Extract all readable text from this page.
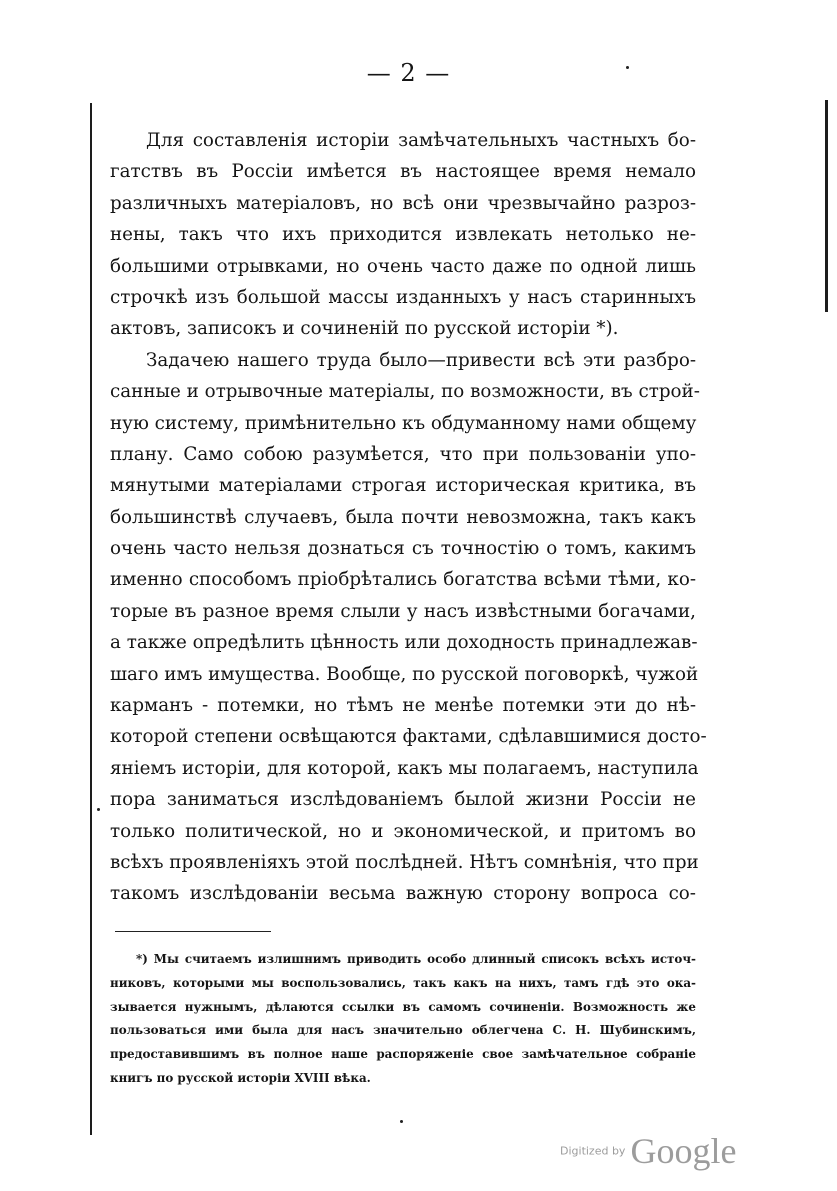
— 2 —
Для составленія исторіи замѣчательныхъ частныхъ бо-
гатствъ въ Россіи имѣется въ настоящее время немало
различныхъ матеріаловъ, но всѣ они чрезвычайно разроз-
нены, такъ что ихъ приходится извлекать нетолько не-
большими отрывками, но очень часто даже по одной лишь
строчкѣ изъ большой массы изданныхъ у насъ старинныхъ
актовъ, записокъ и сочиненій по русской исторіи *).
Задачею нашего труда было—привести всѣ эти разбро-
санные и отрывочные матеріалы, по возможности, въ строй-
ную систему, примѣнительно къ обдуманному нами общему
плану. Само собою разумѣется, что при пользованіи упо-
мянутыми матеріалами строгая историческая критика, въ
большинствѣ случаевъ, была почти невозможна, такъ какъ
очень часто нельзя дознаться съ точностію о томъ, какимъ
именно способомъ пріобрѣтались богатства всѣми тѣми, ко-
торые въ разное время слыли у насъ извѣстными богачами,
а также опредѣлить цѣнность или доходность принадлежав-
шаго имъ имущества. Вообще, по русской поговоркѣ, чужой
карманъ - потемки, но тѣмъ не менѣе потемки эти до нѣ-
которой степени освѣщаются фактами, сдѣлавшимися досто-
яніемъ исторіи, для которой, какъ мы полагаемъ, наступила
пора заниматься изслѣдованіемъ былой жизни Россіи не
только политической, но и экономической, и притомъ во
всѣхъ проявленіяхъ этой послѣдней. Нѣтъ сомнѣнія, что при
такомъ изслѣдованіи весьма важную сторону вопроса со-
*) Мы считаемъ излишнимъ приводить особо длинный списокъ всѣхъ источ-
никовъ, которыми мы воспользовались, такъ какъ на нихъ, тамъ гдѣ это ока-
зывается нужнымъ, дѣлаются ссылки въ самомъ сочиненіи. Возможность же
пользоваться ими была для насъ значительно облегчена С. Н. Шубинскимъ,
предоставившимъ въ полное наше распоряженіе свое замѣчательное собраніе
книгъ по русской исторіи XVIII вѣка.
Digitized by Google
